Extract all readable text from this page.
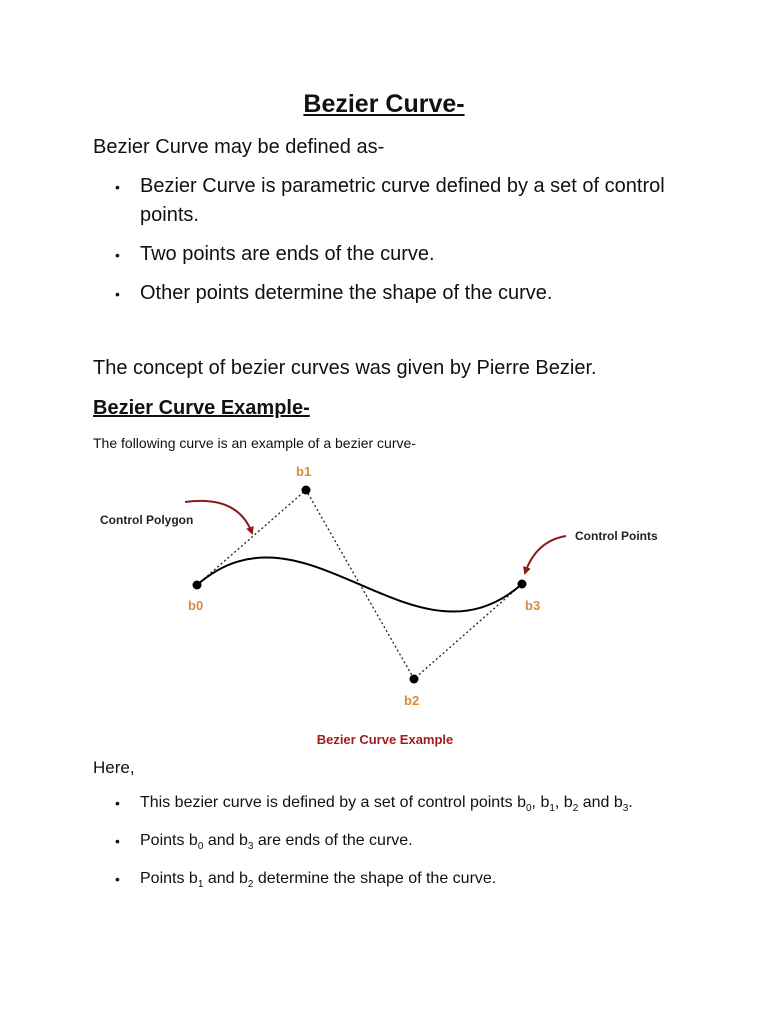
Bezier Curve-

Bezier Curve may be defined as-

• Bezier Curve is parametric curve defined by a set of control points.
• Two points are ends of the curve.
• Other points determine the shape of the curve.

The concept of bezier curves was given by Pierre Bezier.

Bezier Curve Example-

The following curve is an example of a bezier curve-

b0
b1
b2
b3
Control Polygon
Control Points
Bezier Curve Example

Here,

• This bezier curve is defined by a set of control points $b_0$, $b_1$, $b_2$ and $b_3$.
• Points $b_0$ and $b_3$ are ends of the curve.
• Points $b_1$ and $b_2$ determine the shape of the curve.
